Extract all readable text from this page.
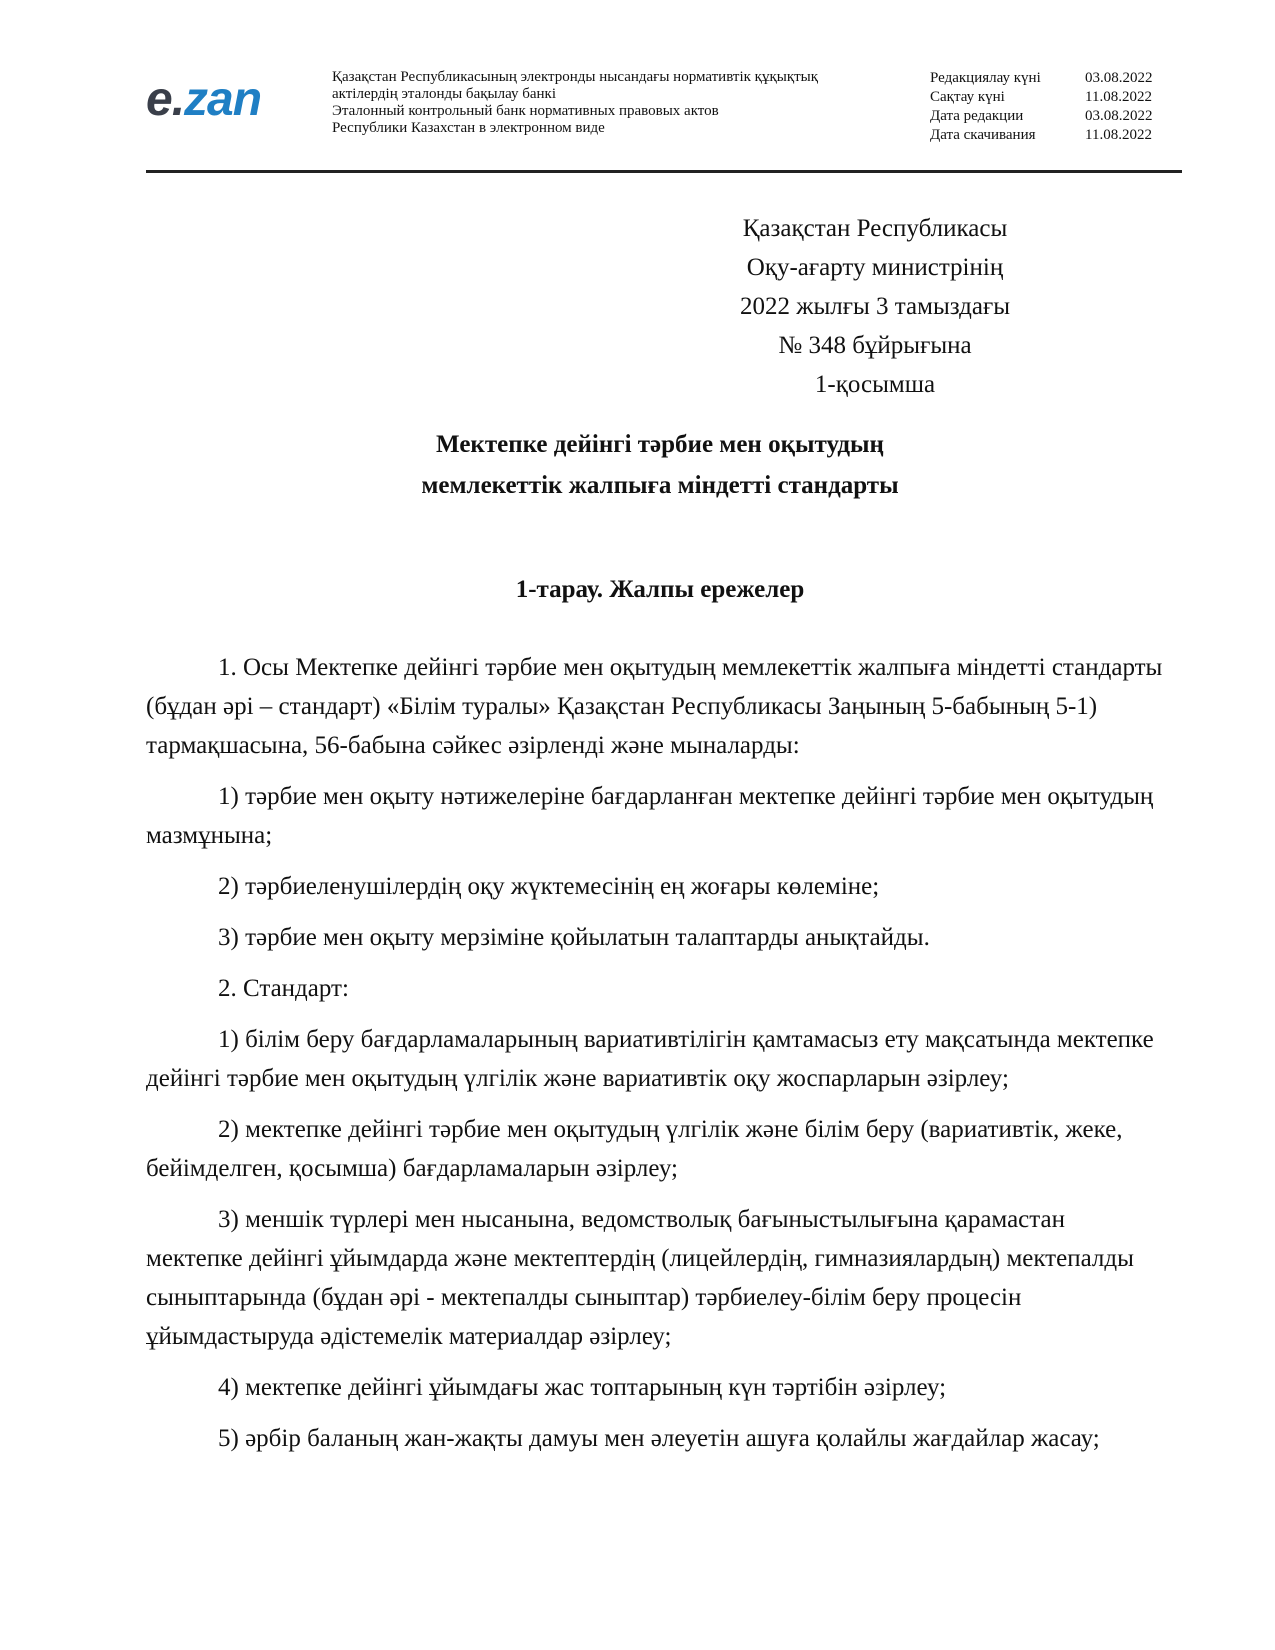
e.zan	Қазақстан Республикасының электронды нысандағы нормативтік құқықтық
актілердің эталонды бақылау банкі
Эталонный контрольный банк нормативных правовых актов
Республики Казахстан в электронном виде
Редакциялау күні	03.08.2022
Сақтау күні	11.08.2022
Дата редакции	03.08.2022
Дата скачивания	11.08.2022
Қазақстан Республикасы
Оқу-ағарту министрінің
2022 жылғы 3 тамыздағы
№ 348 бұйрығына
1-қосымша
Мектепке дейінгі тәрбие мен оқытудың
мемлекеттік жалпыға міндетті стандарты
1-тарау. Жалпы ережелер

1. Осы Мектепке дейінгі тәрбие мен оқытудың мемлекеттік жалпыға міндетті стандарты (бұдан әрі – стандарт) «Білім туралы» Қазақстан Республикасы Заңының 5-бабының 5-1) тармақшасына, 56-бабына сәйкес әзірленді және мыналарды:

1) тәрбие мен оқыту нәтижелеріне бағдарланған мектепке дейінгі тәрбие мен оқытудың мазмұнына;

2) тәрбиеленушілердің оқу жүктемесінің ең жоғары көлеміне;

3) тәрбие мен оқыту мерзіміне қойылатын талаптарды анықтайды.

2. Стандарт:

1) білім беру бағдарламаларының вариативтілігін қамтамасыз ету мақсатында мектепке дейінгі тәрбие мен оқытудың үлгілік және вариативтік оқу жоспарларын әзірлеу;

2) мектепке дейінгі тәрбие мен оқытудың үлгілік және білім беру (вариативтік, жеке, бейімделген, қосымша) бағдарламаларын әзірлеу;

3) меншік түрлері мен нысанына, ведомстволық бағыныстылығына қарамастан мектепке дейінгі ұйымдарда және мектептердің (лицейлердің, гимназиялардың) мектепалды сыныптарында (бұдан әрі - мектепалды сыныптар) тәрбиелеу-білім беру процесін ұйымдастыруда әдістемелік материалдар әзірлеу;

4) мектепке дейінгі ұйымдағы жас топтарының күн тәртібін әзірлеу;

5) әрбір баланың жан-жақты дамуы мен әлеуетін ашуға қолайлы жағдайлар жасау;
